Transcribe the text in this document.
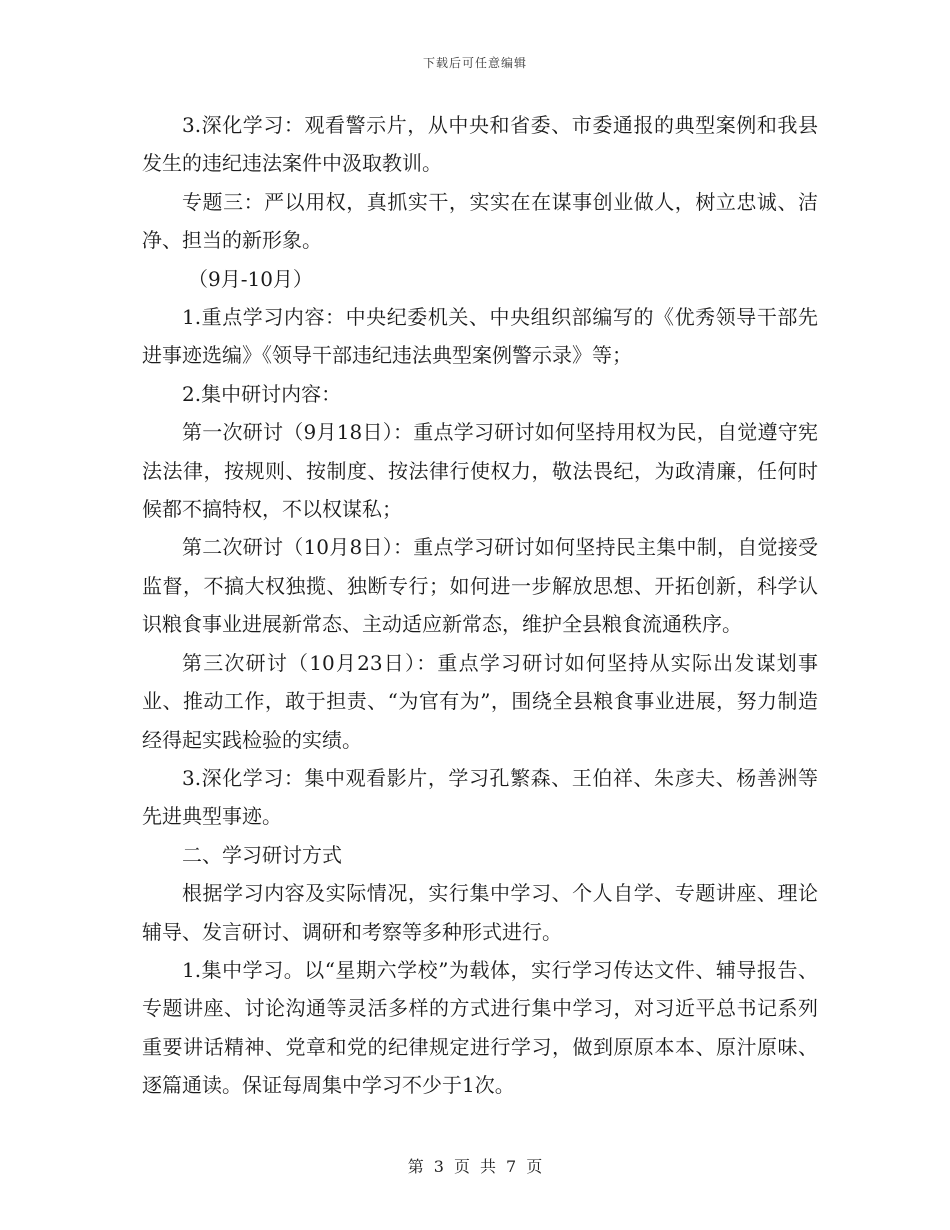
下载后可任意编辑

3.深化学习：观看警示片，从中央和省委、市委通报的典型案例和我县发生的违纪违法案件中汲取教训。

专题三：严以用权，真抓实干，实实在在谋事创业做人，树立忠诚、洁净、担当的新形象。

（9月-10月）

1.重点学习内容：中央纪委机关、中央组织部编写的《优秀领导干部先进事迹选编》《领导干部违纪违法典型案例警示录》等；

2.集中研讨内容：

第一次研讨（9月18日）：重点学习研讨如何坚持用权为民，自觉遵守宪法法律，按规则、按制度、按法律行使权力，敬法畏纪，为政清廉，任何时候都不搞特权，不以权谋私；

第二次研讨（10月8日）：重点学习研讨如何坚持民主集中制，自觉接受监督，不搞大权独揽、独断专行；如何进一步解放思想、开拓创新，科学认识粮食事业进展新常态、主动适应新常态，维护全县粮食流通秩序。

第三次研讨（10月23日）：重点学习研讨如何坚持从实际出发谋划事业、推动工作，敢于担责、“为官有为”，围绕全县粮食事业进展，努力制造经得起实践检验的实绩。

3.深化学习：集中观看影片，学习孔繁森、王伯祥、朱彦夫、杨善洲等先进典型事迹。

二、学习研讨方式

根据学习内容及实际情况，实行集中学习、个人自学、专题讲座、理论辅导、发言研讨、调研和考察等多种形式进行。

1.集中学习。以“星期六学校”为载体，实行学习传达文件、辅导报告、专题讲座、讨论沟通等灵活多样的方式进行集中学习，对习近平总书记系列重要讲话精神、党章和党的纪律规定进行学习，做到原原本本、原汁原味、逐篇通读。保证每周集中学习不少于1次。

第 3 页 共 7 页
